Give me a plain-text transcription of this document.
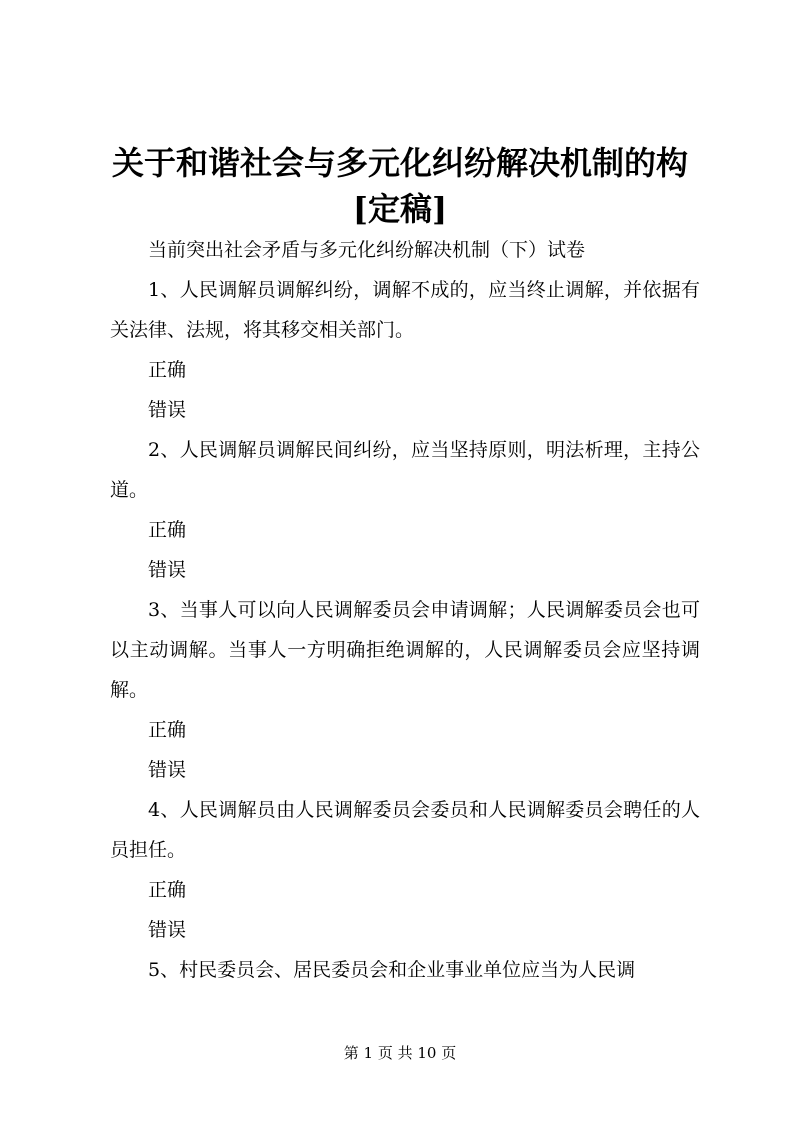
关于和谐社会与多元化纠纷解决机制的构[定稿]

当前突出社会矛盾与多元化纠纷解决机制（下）试卷

1、人民调解员调解纠纷，调解不成的，应当终止调解，并依据有关法律、法规，将其移交相关部门。

正确

错误

2、人民调解员调解民间纠纷，应当坚持原则，明法析理，主持公道。

正确

错误

3、当事人可以向人民调解委员会申请调解；人民调解委员会也可以主动调解。当事人一方明确拒绝调解的，人民调解委员会应坚持调解。

正确

错误

4、人民调解员由人民调解委员会委员和人民调解委员会聘任的人员担任。

正确

错误

5、村民委员会、居民委员会和企业事业单位应当为人民调

第 1 页 共 10 页
